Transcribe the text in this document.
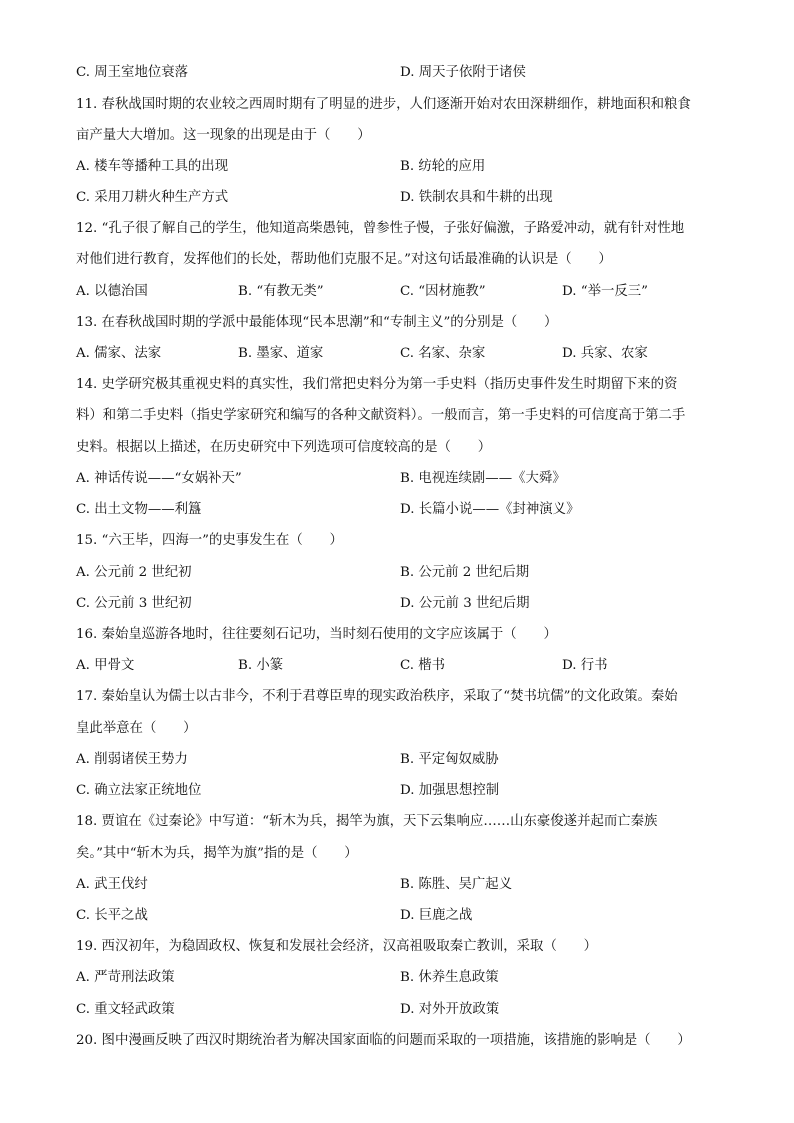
C. 周王室地位衰落	D. 周天子依附于诸侯
11. 春秋战国时期的农业较之西周时期有了明显的进步，人们逐渐开始对农田深耕细作，耕地面积和粮食
亩产量大大增加。这一现象的出现是由于（　　）
A. 楼车等播种工具的出现	B. 纺轮的应用
C. 采用刀耕火种生产方式	D. 铁制农具和牛耕的出现
12. “孔子很了解自己的学生，他知道高柴愚钝，曾参性子慢，子张好偏激，子路爱冲动，就有针对性地
对他们进行教育，发挥他们的长处，帮助他们克服不足。”对这句话最准确的认识是（　　）
A. 以德治国	B. “有教无类”	C. “因材施教”	D. “举一反三”
13. 在春秋战国时期的学派中最能体现“民本思潮”和“专制主义”的分别是（　　）
A. 儒家、法家	B. 墨家、道家	C. 名家、杂家	D. 兵家、农家
14. 史学研究极其重视史料的真实性，我们常把史料分为第一手史料（指历史事件发生时期留下来的资
料）和第二手史料（指史学家研究和编写的各种文献资料）。一般而言，第一手史料的可信度高于第二手
史料。根据以上描述，在历史研究中下列选项可信度较高的是（　　）
A. 神话传说——“女娲补天”	B. 电视连续剧——《大舜》
C. 出土文物——利簋	D. 长篇小说——《封神演义》
15. “六王毕，四海一”的史事发生在（　　）
A. 公元前 2 世纪初	B. 公元前 2 世纪后期
C. 公元前 3 世纪初	D. 公元前 3 世纪后期
16. 秦始皇巡游各地时，往往要刻石记功，当时刻石使用的文字应该属于（　　）
A. 甲骨文	B. 小篆	C. 楷书	D. 行书
17. 秦始皇认为儒士以古非今，不利于君尊臣卑的现实政治秩序，采取了“焚书坑儒”的文化政策。秦始
皇此举意在（　　）
A. 削弱诸侯王势力	B. 平定匈奴威胁
C. 确立法家正统地位	D. 加强思想控制
18. 贾谊在《过秦论》中写道：“斩木为兵，揭竿为旗，天下云集响应……山东豪俊遂并起而亡秦族
矣。”其中“斩木为兵，揭竿为旗”指的是（　　）
A. 武王伐纣	B. 陈胜、吴广起义
C. 长平之战	D. 巨鹿之战
19. 西汉初年，为稳固政权、恢复和发展社会经济，汉高祖吸取秦亡教训，采取（　　）
A. 严苛刑法政策	B. 休养生息政策
C. 重文轻武政策	D. 对外开放政策
20. 图中漫画反映了西汉时期统治者为解决国家面临的问题而采取的一项措施，该措施的影响是（　　）
